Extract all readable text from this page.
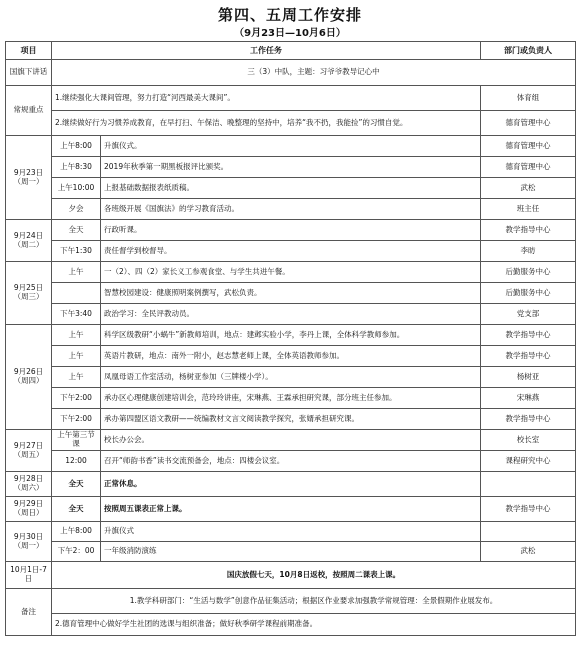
第四、五周工作安排
（9月23日—10月6日）
项目	工作任务		部门或负责人
国旗下讲话	三（3）中队，主题：习爷爷教导记心中		
常规重点	1.继续强化大课间管理，努力打造“河西最美大课间”。		体育组
	2.继续做好行为习惯养成教育，在早打扫、午保洁、晚整理的坚持中，培养“我不扔，我能捡”的习惯自觉。		德育管理中心
9月23日（周一）	上午8:00	升旗仪式。	德育管理中心
	上午8:30	2019年秋季第一期黑板报评比颁奖。	德育管理中心
	上午10:00	上报基础数据报表纸质稿。	武松
	夕会	各班级开展《国旗法》的学习教育活动。	班主任
9月24日（周二）	全天	行政听课。	教学指导中心
	下午1:30	责任督学到校督导。	李昉
9月25日（周三）	上午	一（2）、四（2）家长义工参观食堂、与学生共进午餐。	后勤服务中心
		智慧校园建设：健康照明案例撰写，武松负责。	后勤服务中心
	下午3:40	政治学习：全民评教动员。	党支部
9月26日（周四）	上午	科学区级教研“小蜗牛”新教师培训，地点：建邺实验小学，李丹上课，全体科学教师参加。	教学指导中心
	上午	英语片教研，地点：南外一附小，赵志慧老师上课，全体英语教师参加。	教学指导中心
	上午	凤凰母语工作室活动，杨树亚参加（三牌楼小学）。	杨树亚
	下午2:00	承办区心理健康创建培训会，范玲玲讲座，宋琳燕、王霖承担研究课，部分班主任参加。	宋琳燕
	下午2:00	承办第四盟区语文教研——统编教材文言文阅读教学探究，张婿承担研究课。	教学指导中心
9月27日（周五）	上午第三节课	校长办公会。	校长室
	12:00	召开“师韵书香”读书交流预备会，地点：四楼会议室。	课程研究中心
9月28日（周六）	全天	正常休息。	
9月29日（周日）	全天	按照周五课表正常上课。	教学指导中心
9月30日（周一）	上午8:00	升旗仪式	
	下午2：00	一年级消防演练	武松
10月1日-7日	国庆放假七天，10月8日返校，按照周二课表上课。		
备注	1.教学科研部门：“生活与数学”创意作品征集活动；根据区作业要求加强教学常规管理：全景假期作业展发布。		
	2.德育管理中心做好学生社团的选课与组织准备；做好秋季研学课程前期准备。		
